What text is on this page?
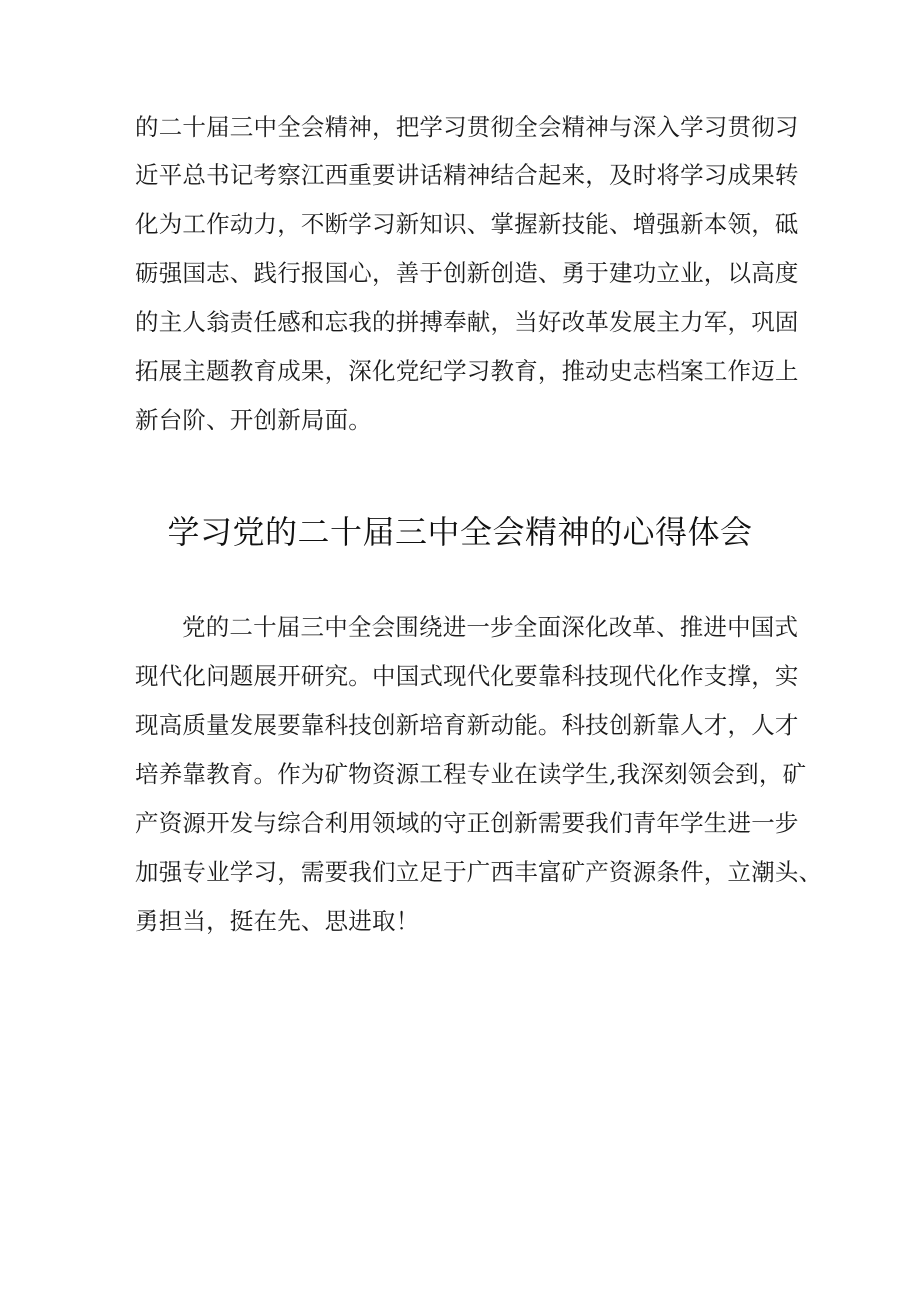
的二十届三中全会精神，把学习贯彻全会精神与深入学习贯彻习
近平总书记考察江西重要讲话精神结合起来，及时将学习成果转
化为工作动力，不断学习新知识、掌握新技能、增强新本领，砥
砺强国志、践行报国心，善于创新创造、勇于建功立业，以高度
的主人翁责任感和忘我的拼搏奉献，当好改革发展主力军，巩固
拓展主题教育成果，深化党纪学习教育，推动史志档案工作迈上
新台阶、开创新局面。
学习党的二十届三中全会精神的心得体会
党的二十届三中全会围绕进一步全面深化改革、推进中国式
现代化问题展开研究。中国式现代化要靠科技现代化作支撑，实
现高质量发展要靠科技创新培育新动能。科技创新靠人才，人才
培养靠教育。作为矿物资源工程专业在读学生,我深刻领会到，矿
产资源开发与综合利用领域的守正创新需要我们青年学生进一步
加强专业学习，需要我们立足于广西丰富矿产资源条件，立潮头、
勇担当，挺在先、思进取！
